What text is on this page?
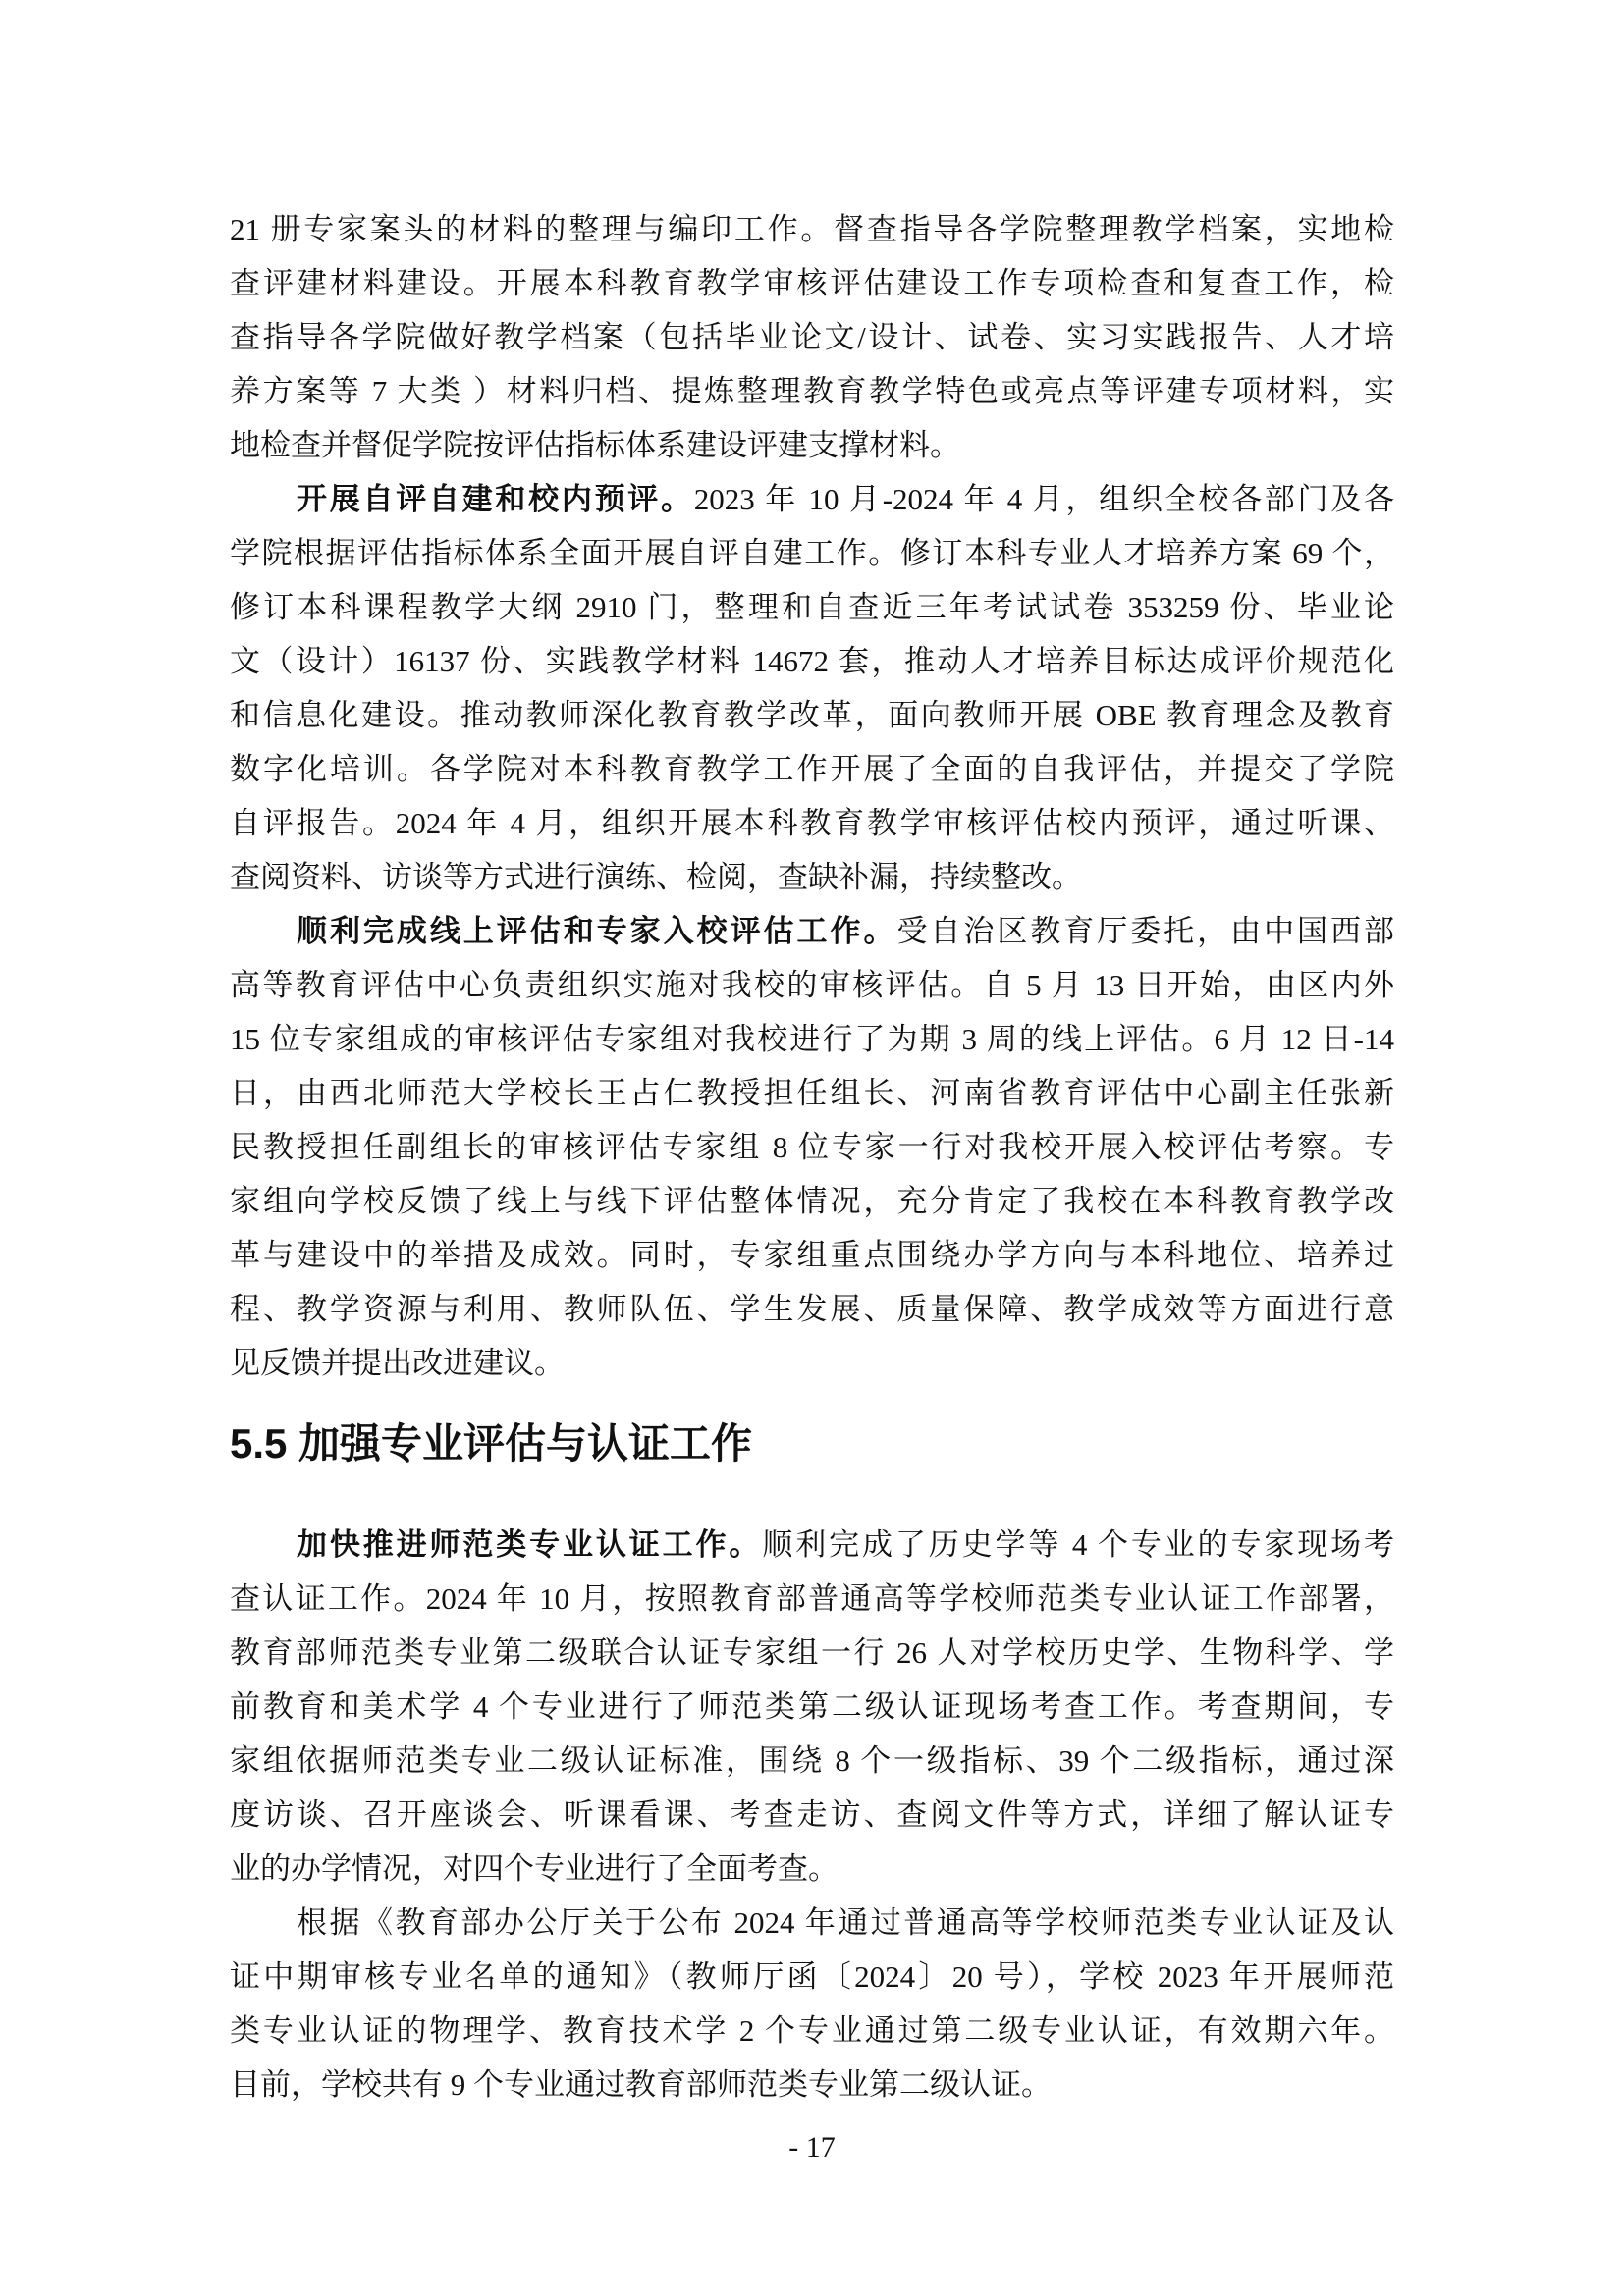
21 册专家案头的材料的整理与编印工作。督查指导各学院整理教学档案，实地检
查评建材料建设。开展本科教育教学审核评估建设工作专项检查和复查工作，检
查指导各学院做好教学档案（包括毕业论文/设计、试卷、实习实践报告、人才培
养方案等 7 大类 ）材料归档、提炼整理教育教学特色或亮点等评建专项材料，实
地检查并督促学院按评估指标体系建设评建支撑材料。
开展自评自建和校内预评。2023 年 10 月-2024 年 4 月，组织全校各部门及各
学院根据评估指标体系全面开展自评自建工作。修订本科专业人才培养方案 69 个，
修订本科课程教学大纲 2910 门，整理和自查近三年考试试卷 353259 份、毕业论
文（设计）16137 份、实践教学材料 14672 套，推动人才培养目标达成评价规范化
和信息化建设。推动教师深化教育教学改革，面向教师开展 OBE 教育理念及教育
数字化培训。各学院对本科教育教学工作开展了全面的自我评估，并提交了学院
自评报告。2024 年 4 月，组织开展本科教育教学审核评估校内预评，通过听课、
查阅资料、访谈等方式进行演练、检阅，查缺补漏，持续整改。
顺利完成线上评估和专家入校评估工作。受自治区教育厅委托，由中国西部
高等教育评估中心负责组织实施对我校的审核评估。自 5 月 13 日开始，由区内外
15 位专家组成的审核评估专家组对我校进行了为期 3 周的线上评估。6 月 12 日-14
日，由西北师范大学校长王占仁教授担任组长、河南省教育评估中心副主任张新
民教授担任副组长的审核评估专家组 8 位专家一行对我校开展入校评估考察。专
家组向学校反馈了线上与线下评估整体情况，充分肯定了我校在本科教育教学改
革与建设中的举措及成效。同时，专家组重点围绕办学方向与本科地位、培养过
程、教学资源与利用、教师队伍、学生发展、质量保障、教学成效等方面进行意
见反馈并提出改进建议。
5.5 加强专业评估与认证工作
加快推进师范类专业认证工作。顺利完成了历史学等 4 个专业的专家现场考
查认证工作。2024 年 10 月，按照教育部普通高等学校师范类专业认证工作部署，
教育部师范类专业第二级联合认证专家组一行 26 人对学校历史学、生物科学、学
前教育和美术学 4 个专业进行了师范类第二级认证现场考查工作。考查期间，专
家组依据师范类专业二级认证标准，围绕 8 个一级指标、39 个二级指标，通过深
度访谈、召开座谈会、听课看课、考查走访、查阅文件等方式，详细了解认证专
业的办学情况，对四个专业进行了全面考查。
根据《教育部办公厅关于公布 2024 年通过普通高等学校师范类专业认证及认
证中期审核专业名单的通知》（教师厅函〔2024〕20 号），学校 2023 年开展师范
类专业认证的物理学、教育技术学 2 个专业通过第二级专业认证，有效期六年。
目前，学校共有 9 个专业通过教育部师范类专业第二级认证。
- 17
